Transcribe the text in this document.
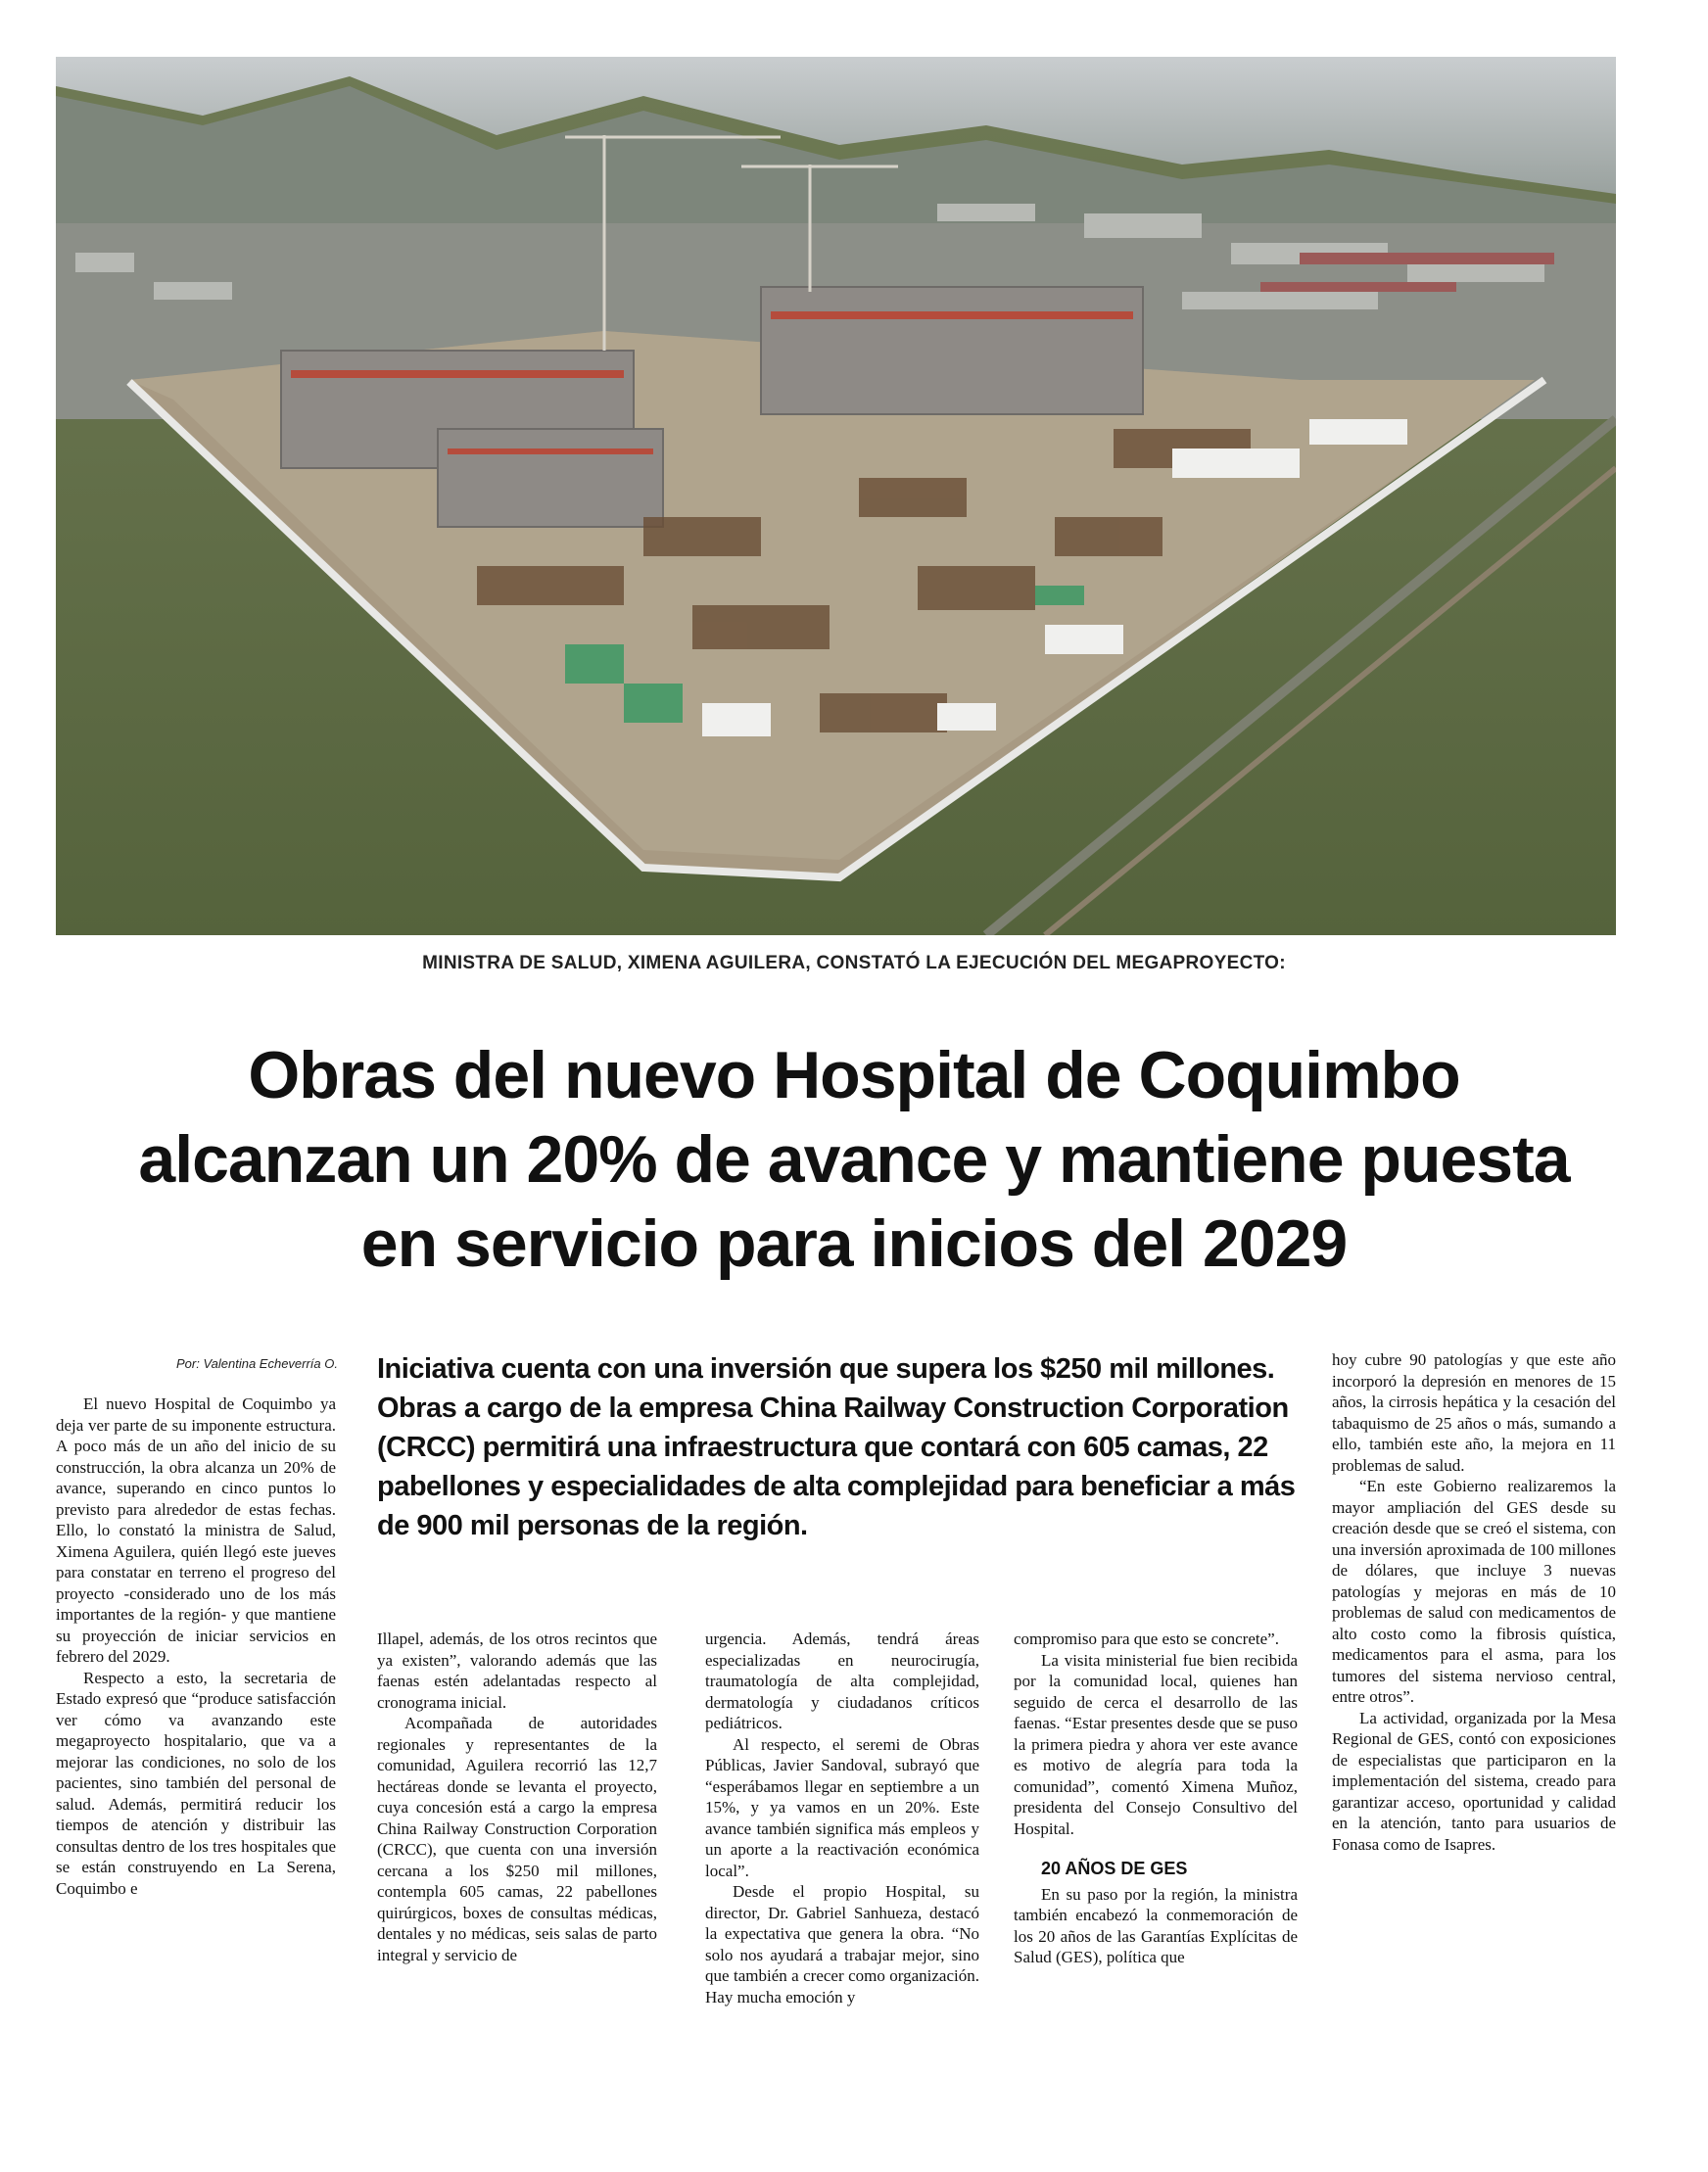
MINISTRA DE SALUD, XIMENA AGUILERA, CONSTATÓ LA EJECUCIÓN DEL MEGAPROYECTO:
Obras del nuevo Hospital de Coquimbo
alcanzan un 20% de avance y mantiene puesta
en servicio para inicios del 2029
Por: Valentina Echeverría O. Iniciativa cuenta con una inversión que supera los $250 mil millones. Obras a cargo de la empresa China Railway Construction Corporation (CRCC) permitirá una infraestructura que contará con 605 camas, 22 pabellones y especialidades de alta complejidad para beneficiar a más de 900 mil personas de la región.

El nuevo Hospital de Coquimbo ya deja ver parte de su imponente estructura. A poco más de un año del inicio de su construcción, la obra alcanza un 20% de avance, superando en cinco puntos lo previsto para alrededor de estas fechas. Ello, lo constató la ministra de Salud, Ximena Aguilera, quién llegó este jueves para constatar en terreno el progreso del proyecto -considerado uno de los más importantes de la región- y que mantiene su proyección de iniciar servicios en febrero del 2029.

Respecto a esto, la secretaria de Estado expresó que “produce satisfacción ver cómo va avanzando este megaproyecto hospitalario, que va a mejorar las condiciones, no solo de los pacientes, sino también del personal de salud. Además, permitirá reducir los tiempos de atención y distribuir las consultas dentro de los tres hospitales que se están construyendo en La Serena, Coquimbo e

Illapel, además, de los otros recintos que ya existen”, valorando además que las faenas estén adelantadas respecto al cronograma inicial.

Acompañada de autoridades regionales y representantes de la comunidad, Aguilera recorrió las 12,7 hectáreas donde se levanta el proyecto, cuya concesión está a cargo la empresa China Railway Construction Corporation (CRCC), que cuenta con una inversión cercana a los $250 mil millones, contempla 605 camas, 22 pabellones quirúrgicos, boxes de consultas médicas, dentales y no médicas, seis salas de parto integral y servicio de

urgencia. Además, tendrá áreas especializadas en neurocirugía, traumatología de alta complejidad, dermatología y ciudadanos críticos pediátricos.

Al respecto, el seremi de Obras Públicas, Javier Sandoval, subrayó que “esperábamos llegar en septiembre a un 15%, y ya vamos en un 20%. Este avance también significa más empleos y un aporte a la reactivación económica local”.

Desde el propio Hospital, su director, Dr. Gabriel Sanhueza, destacó la expectativa que genera la obra. “No solo nos ayudará a trabajar mejor, sino que también a crecer como organización. Hay mucha emoción y

compromiso para que esto se concrete”.

La visita ministerial fue bien recibida por la comunidad local, quienes han seguido de cerca el desarrollo de las faenas. “Estar presentes desde que se puso la primera piedra y ahora ver este avance es motivo de alegría para toda la comunidad”, comentó Ximena Muñoz, presidenta del Consejo Consultivo del Hospital.

20 AÑOS DE GES

En su paso por la región, la ministra también encabezó la conmemoración de los 20 años de las Garantías Explícitas de Salud (GES), política que

hoy cubre 90 patologías y que este año incorporó la depresión en menores de 15 años, la cirrosis hepática y la cesación del tabaquismo de 25 años o más, sumando a ello, también este año, la mejora en 11 problemas de salud.

“En este Gobierno realizaremos la mayor ampliación del GES desde su creación desde que se creó el sistema, con una inversión aproximada de 100 millones de dólares, que incluye 3 nuevas patologías y mejoras en más de 10 problemas de salud con medicamentos de alto costo como la fibrosis quística, medicamentos para el asma, para los tumores del sistema nervioso central, entre otros”.

La actividad, organizada por la Mesa Regional de GES, contó con exposiciones de especialistas que participaron en la implementación del sistema, creado para garantizar acceso, oportunidad y calidad en la atención, tanto para usuarios de Fonasa como de Isapres.
